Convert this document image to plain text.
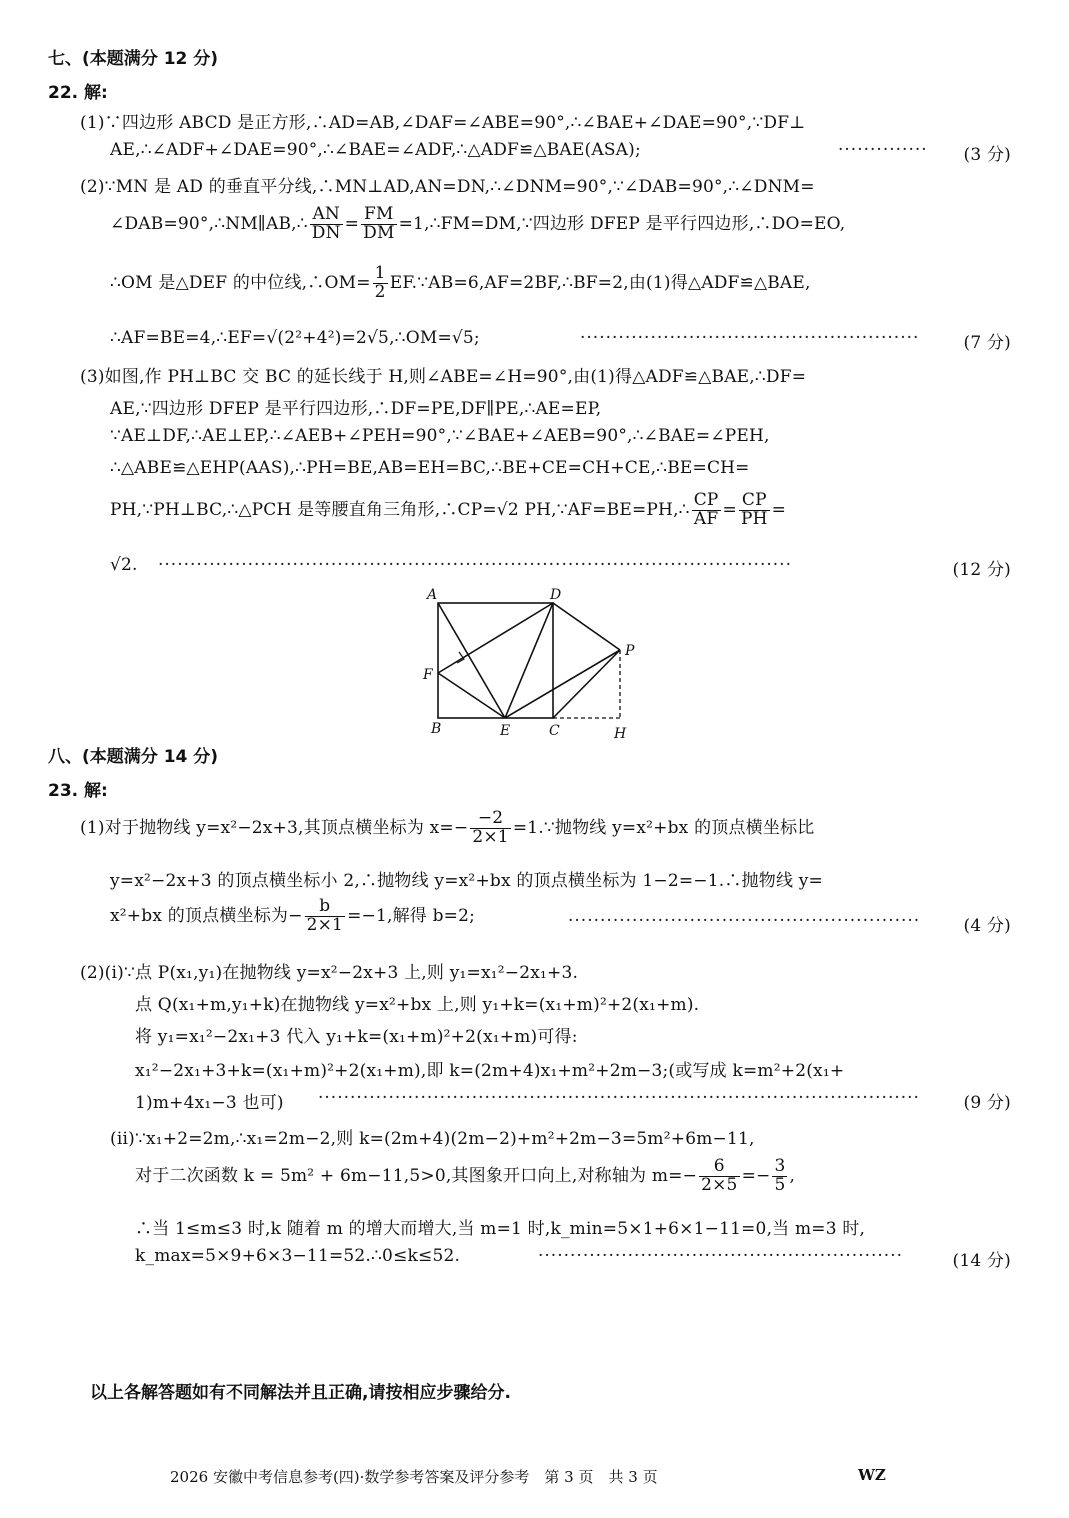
七、(本题满分 12 分)
22. 解:
(1)∵四边形 ABCD 是正方形,∴AD=AB,∠DAF=∠ABE=90°,∴∠BAE+∠DAE=90°,∵DF⊥
AE,∴∠ADF+∠DAE=90°,∴∠BAE=∠ADF,∴△ADF≌△BAE(ASA);	·············· (3 分)
(2)∵MN 是 AD 的垂直平分线,∴MN⊥AD,AN=DN,∴∠DNM=90°,∵∠DAB=90°,∴∠DNM=
∠DAB=90°,∴NM∥AB,∴ $\frac{AN}{DN} = \frac{FM}{DM}$ =1,∴FM=DM,∵四边形 DFEP 是平行四边形,∴DO=EO,
∴OM 是△DEF 的中位线,∴OM= $\frac{1}{2}$ EF.∵AB=6,AF=2BF,∴BF=2,由(1)得△ADF≌△BAE,
∴AF=BE=4,∴EF=√(2²+4²)=2√5,∴OM=√5;	·····················································	(7 分)
(3)如图,作 PH⊥BC 交 BC 的延长线于 H,则∠ABE=∠H=90°,由(1)得△ADF≌△BAE,∴DF=
AE,∵四边形 DFEP 是平行四边形,∴DF=PE,DF∥PE,∴AE=EP,
∵AE⊥DF,∴AE⊥EP,∴∠AEB+∠PEH=90°,∵∠BAE+∠AEB=90°,∴∠BAE=∠PEH,
∴△ABE≌△EHP(AAS),∴PH=BE,AB=EH=BC,∴BE+CE=CH+CE,∴BE=CH=
PH,∵PH⊥BC,∴△PCH 是等腰直角三角形,∴CP=√2 PH,∵AF=BE=PH,∴ $\frac{CP}{AF} = \frac{CP}{PH}$ =
√2. ···································································································	(12 分)
A	D
P
F
B	E	C	H
八、(本题满分 14 分)
23. 解:
(1)对于抛物线 y=x²−2x+3,其顶点横坐标为 $x=- \frac{-2}{2\times 1}$ =1.∵抛物线 y=x²+bx 的顶点横坐标比
y=x²−2x+3 的顶点横坐标小 2,∴抛物线 y=x²+bx 的顶点横坐标为 1−2=−1.∴抛物线 y=
x²+bx 的顶点横坐标为− $\frac{b}{2\times 1} =-1$,解得 b=2;	·······················································	(4 分)
(2)(i)∵点 P(x₁,y₁)在抛物线 y=x²−2x+3 上,则 y₁=x₁²−2x₁+3.
点 Q(x₁+m,y₁+k)在抛物线 y=x²+bx 上,则 y₁+k=(x₁+m)²+2(x₁+m).
将 y₁=x₁²−2x₁+3 代入 y₁+k=(x₁+m)²+2(x₁+m)可得:
x₁²−2x₁+3+k=(x₁+m)²+2(x₁+m),即 k=(2m+4)x₁+m²+2m−3;(或写成 k=m²+2(x₁+
1)m+4x₁−3 也可) ······························································································	(9 分)
(ii)∵x₁+2=2m,∴x₁=2m−2,则 k=(2m+4)(2m−2)+m²+2m−3=5m²+6m−11,
对于二次函数 k = 5m² + 6m−11,5>0,其图象开口向上,对称轴为 $m=- \frac{6}{2\times 5} =- \frac{3}{5}$ ,
∴当 1≤m≤3 时,k 随着 m 的增大而增大,当 m=1 时,k_min=5×1+6×1−11=0,当 m=3 时,
k_max=5×9+6×3−11=52.∴0≤k≤52.	·························································	(14 分)
以上各解答题如有不同解法并且正确,请按相应步骤给分.
2026 安徽中考信息参考(四)·数学参考答案及评分参考　第 3 页　共 3 页	WZ
